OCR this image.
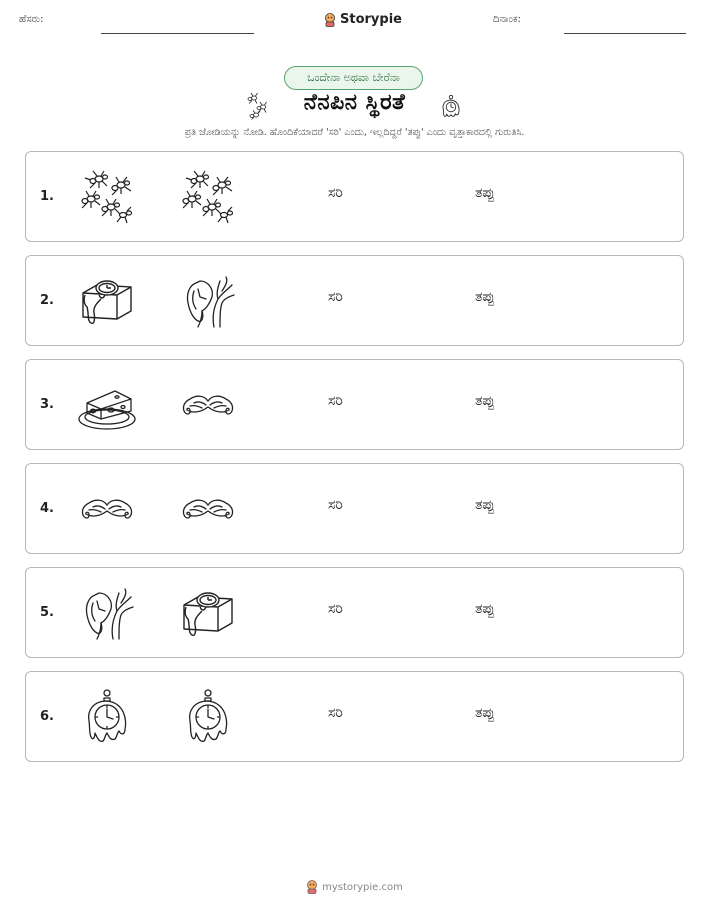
ಹೆಸರು:	Storypie	ದಿನಾಂಕ:
ಒಂದೇನಾ ಅಥವಾ ಬೇರೆನಾ
ನೆನಪಿನ ಸ್ಥಿರತೆ
ಪ್ರತಿ ಜೋಡಿಯನ್ನು ನೋಡಿ. ಹೊಂದಿಕೆಯಾದರೆ 'ಸರಿ' ಎಂದು, ಇಲ್ಲದಿದ್ದರೆ 'ತಪ್ಪು' ಎಂದು ವೃತ್ತಾಕಾರದಲ್ಲಿ ಗುರುತಿಸಿ.
1.	ಸರಿ	ತಪ್ಪು
2.	ಸರಿ	ತಪ್ಪು
3.	ಸರಿ	ತಪ್ಪು
4.	ಸರಿ	ತಪ್ಪು
5.	ಸರಿ	ತಪ್ಪು
6.	ಸರಿ	ತಪ್ಪು
mystorypie.com
